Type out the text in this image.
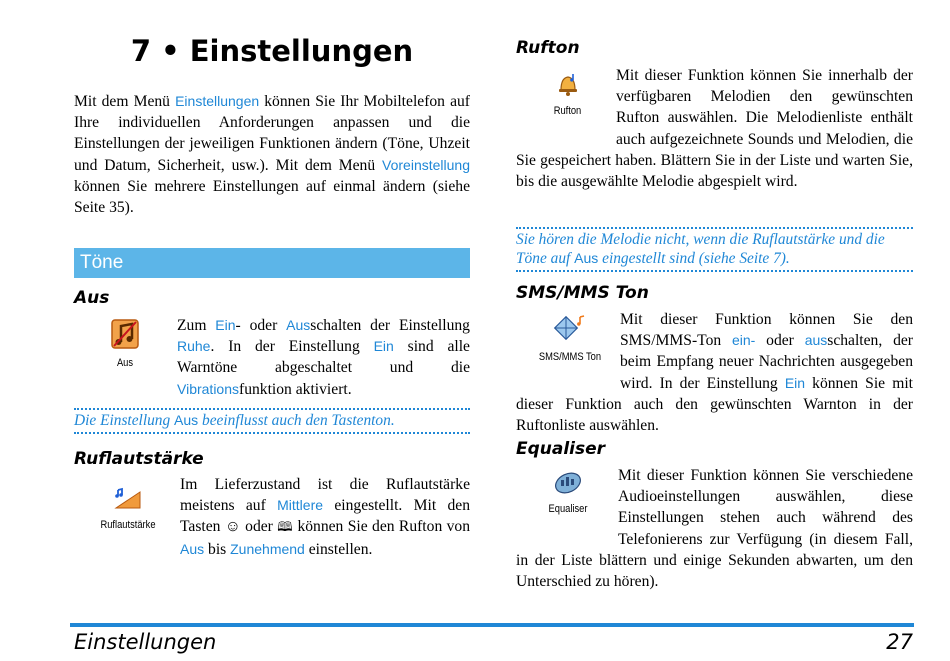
7 • Einstellungen

Mit dem Menü Einstellungen können Sie Ihr Mobiltelefon auf Ihre individuellen Anforderungen anpassen und die Einstellungen der jeweiligen Funktionen ändern (Töne, Uhzeit und Datum, Sicherheit, usw.). Mit dem Menü Voreinstellung können Sie mehrere Einstellungen auf einmal ändern (siehe Seite 35).

Töne
Aus
Aus

Zum Ein- oder Ausschalten der Einstellung Ruhe. In der Einstellung Ein sind alle Warntöne abgeschaltet und die Vibrationsfunktion aktiviert.

Die Einstellung Aus beeinflusst auch den Tastenton.
Ruflautstärke
Ruflautstärke

Im Lieferzustand ist die Ruflautstärke meistens auf Mittlere eingestellt. Mit den Tasten ☺ oder 🕮 können Sie den Rufton von Aus bis Zunehmend einstellen.

Rufton
Rufton

Mit dieser Funktion können Sie innerhalb der verfügbaren Melodien den gewünschten Rufton auswählen. Die Melodienliste enthält auch aufgezeichnete Sounds und Melodien, die Sie gespeichert haben. Blättern Sie in der Liste und warten Sie, bis die ausgewählte Melodie abgespielt wird.

Sie hören die Melodie nicht, wenn die Ruflautstärke und die Töne auf Aus eingestellt sind (siehe Seite 7).
SMS/MMS Ton
SMS/MMS Ton

Mit dieser Funktion können Sie den SMS/MMS-Ton ein- oder ausschalten, der beim Empfang neuer Nachrichten ausgegeben wird. In der Einstellung Ein können Sie mit dieser Funktion auch den gewünschten Warnton in der Ruftonliste auswählen.

Equaliser
Equaliser

Mit dieser Funktion können Sie verschiedene Audioeinstellungen auswählen, diese Einstellungen stehen auch während des Telefonierens zur Verfügung (in diesem Fall, in der Liste blättern und einige Sekunden abwarten, um den Unterschied zu hören).

Einstellungen	27
